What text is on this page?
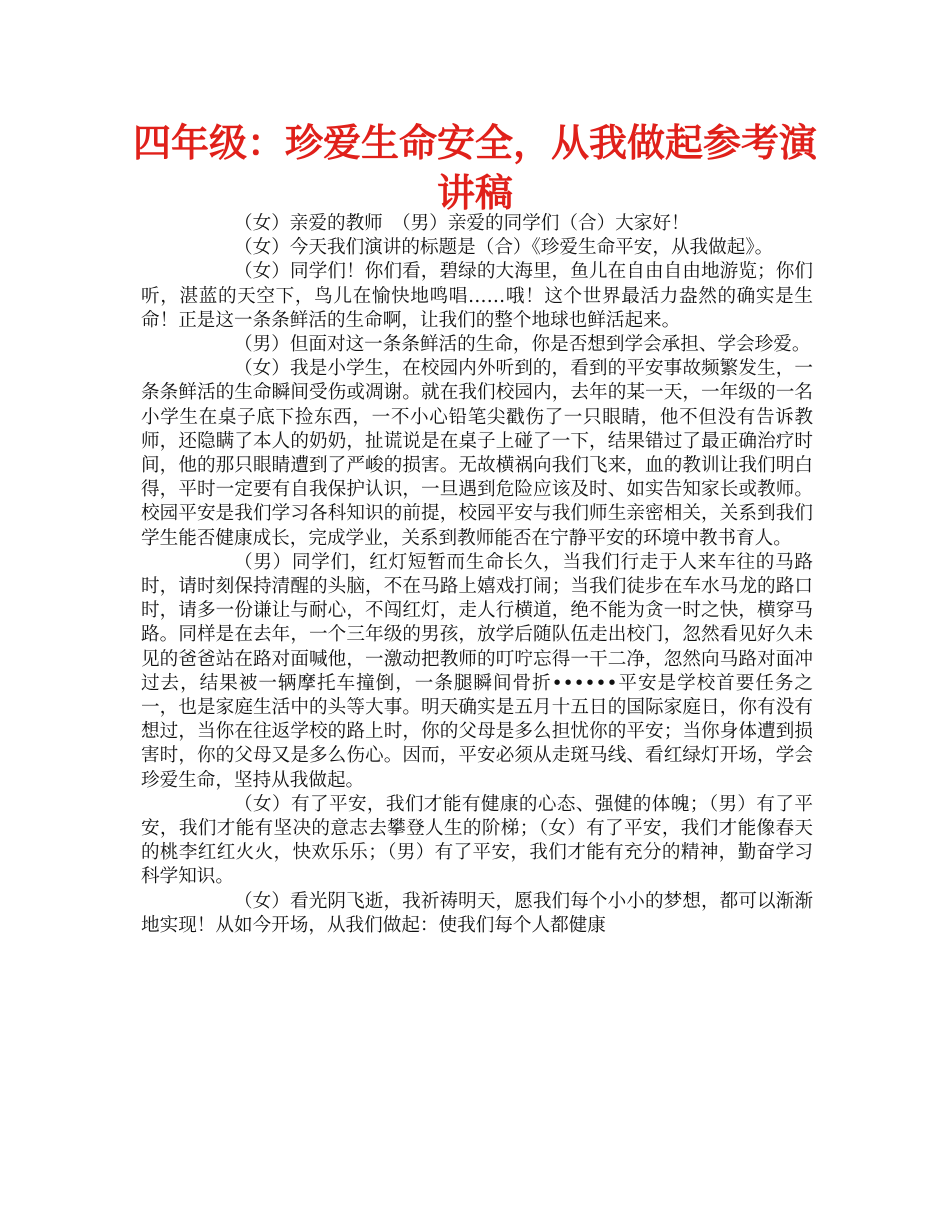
四年级：珍爱生命安全，从我做起参考演讲稿

（女）亲爱的教师　（男）亲爱的同学们（合）大家好！

（女）今天我们演讲的标题是（合）《珍爱生命平安，从我做起》。

（女）同学们！你们看，碧绿的大海里，鱼儿在自由自由地游览；你们听，湛蓝的天空下，鸟儿在愉快地鸣唱……哦！这个世界最活力盎然的确实是生命！正是这一条条鲜活的生命啊，让我们的整个地球也鲜活起来。

（男）但面对这一条条鲜活的生命，你是否想到学会承担、学会珍爱。

（女）我是小学生，在校园内外听到的，看到的平安事故频繁发生，一条条鲜活的生命瞬间受伤或凋谢。就在我们校园内，去年的某一天，一年级的一名小学生在桌子底下捡东西，一不小心铅笔尖戳伤了一只眼睛，他不但没有告诉教师，还隐瞒了本人的奶奶，扯谎说是在桌子上碰了一下，结果错过了最正确治疗时间，他的那只眼睛遭到了严峻的损害。无故横祸向我们飞来，血的教训让我们明白得，平时一定要有自我保护认识，一旦遇到危险应该及时、如实告知家长或教师。校园平安是我们学习各科知识的前提，校园平安与我们师生亲密相关，关系到我们学生能否健康成长，完成学业，关系到教师能否在宁静平安的环境中教书育人。

（男）同学们，红灯短暂而生命长久，当我们行走于人来车往的马路时，请时刻保持清醒的头脑，不在马路上嬉戏打闹；当我们徒步在车水马龙的路口时，请多一份谦让与耐心，不闯红灯，走人行横道，绝不能为贪一时之快，横穿马路。同样是在去年，一个三年级的男孩，放学后随队伍走出校门，忽然看见好久未见的爸爸站在路对面喊他，一激动把教师的叮咛忘得一干二净，忽然向马路对面冲过去，结果被一辆摩托车撞倒，一条腿瞬间骨折••••••平安是学校首要任务之一，也是家庭生活中的头等大事。明天确实是五月十五日的国际家庭日，你有没有想过，当你在往返学校的路上时，你的父母是多么担忧你的平安；当你身体遭到损害时，你的父母又是多么伤心。因而，平安必须从走斑马线、看红绿灯开场，学会珍爱生命，坚持从我做起。

（女）有了平安，我们才能有健康的心态、强健的体魄；（男）有了平安，我们才能有坚决的意志去攀登人生的阶梯；（女）有了平安，我们才能像春天的桃李红红火火，快欢乐乐；（男）有了平安，我们才能有充分的精神，勤奋学习科学知识。

（女）看光阴飞逝，我祈祷明天，愿我们每个小小的梦想，都可以渐渐地实现！从如今开场，从我们做起：使我们每个人都健康
